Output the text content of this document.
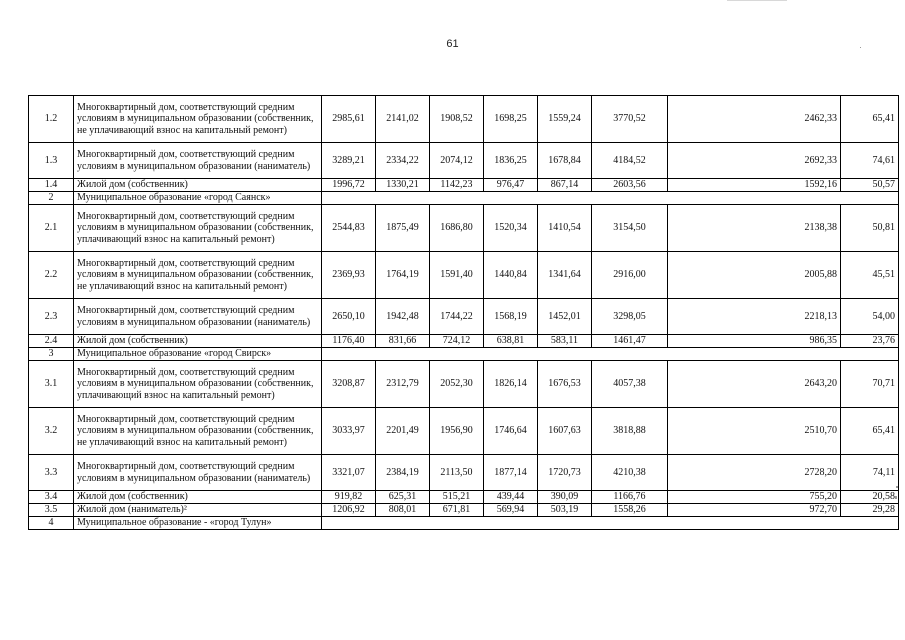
61
1.2	Многоквартирный дом, соответствующий средним условиям в муниципальном образовании (собственник, не уплачивающий взнос на капитальный ремонт)	2985,61	2141,02	1908,52	1698,25	1559,24	3770,52	2462,33	65,41
1.3	Многоквартирный дом, соответствующий средним условиям в муниципальном образовании (наниматель)	3289,21	2334,22	2074,12	1836,25	1678,84	4184,52	2692,33	74,61
1.4	Жилой дом (собственник)	1996,72	1330,21	1142,23	976,47	867,14	2603,56	1592,16	50,57
2	Муниципальное образование «город Саянск»								
2.1	Многоквартирный дом, соответствующий средним условиям в муниципальном образовании (собственник, уплачивающий взнос на капитальный ремонт)	2544,83	1875,49	1686,80	1520,34	1410,54	3154,50	2138,38	50,81
2.2	Многоквартирный дом, соответствующий средним условиям в муниципальном образовании (собственник, не уплачивающий взнос на капитальный ремонт)	2369,93	1764,19	1591,40	1440,84	1341,64	2916,00	2005,88	45,51
2.3	Многоквартирный дом, соответствующий средним условиям в муниципальном образовании (наниматель)	2650,10	1942,48	1744,22	1568,19	1452,01	3298,05	2218,13	54,00
2.4	Жилой дом (собственник)	1176,40	831,66	724,12	638,81	583,11	1461,47	986,35	23,76
3	Муниципальное образование «город Свирск»								
3.1	Многоквартирный дом, соответствующий средним условиям в муниципальном образовании (собственник, уплачивающий взнос на капитальный ремонт)	3208,87	2312,79	2052,30	1826,14	1676,53	4057,38	2643,20	70,71
3.2	Многоквартирный дом, соответствующий средним условиям в муниципальном образовании (собственник, не уплачивающий взнос на капитальный ремонт)	3033,97	2201,49	1956,90	1746,64	1607,63	3818,88	2510,70	65,41
3.3	Многоквартирный дом, соответствующий средним условиям в муниципальном образовании (наниматель)	3321,07	2384,19	2113,50	1877,14	1720,73	4210,38	2728,20	74,11
3.4	Жилой дом (собственник)	919,82	625,31	515,21	439,44	390,09	1166,76	755,20	20,58
3.5	Жилой дом (наниматель)²	1206,92	808,01	671,81	569,94	503,19	1558,26	972,70	29,28
4	Муниципальное образование - «город Тулун»								
